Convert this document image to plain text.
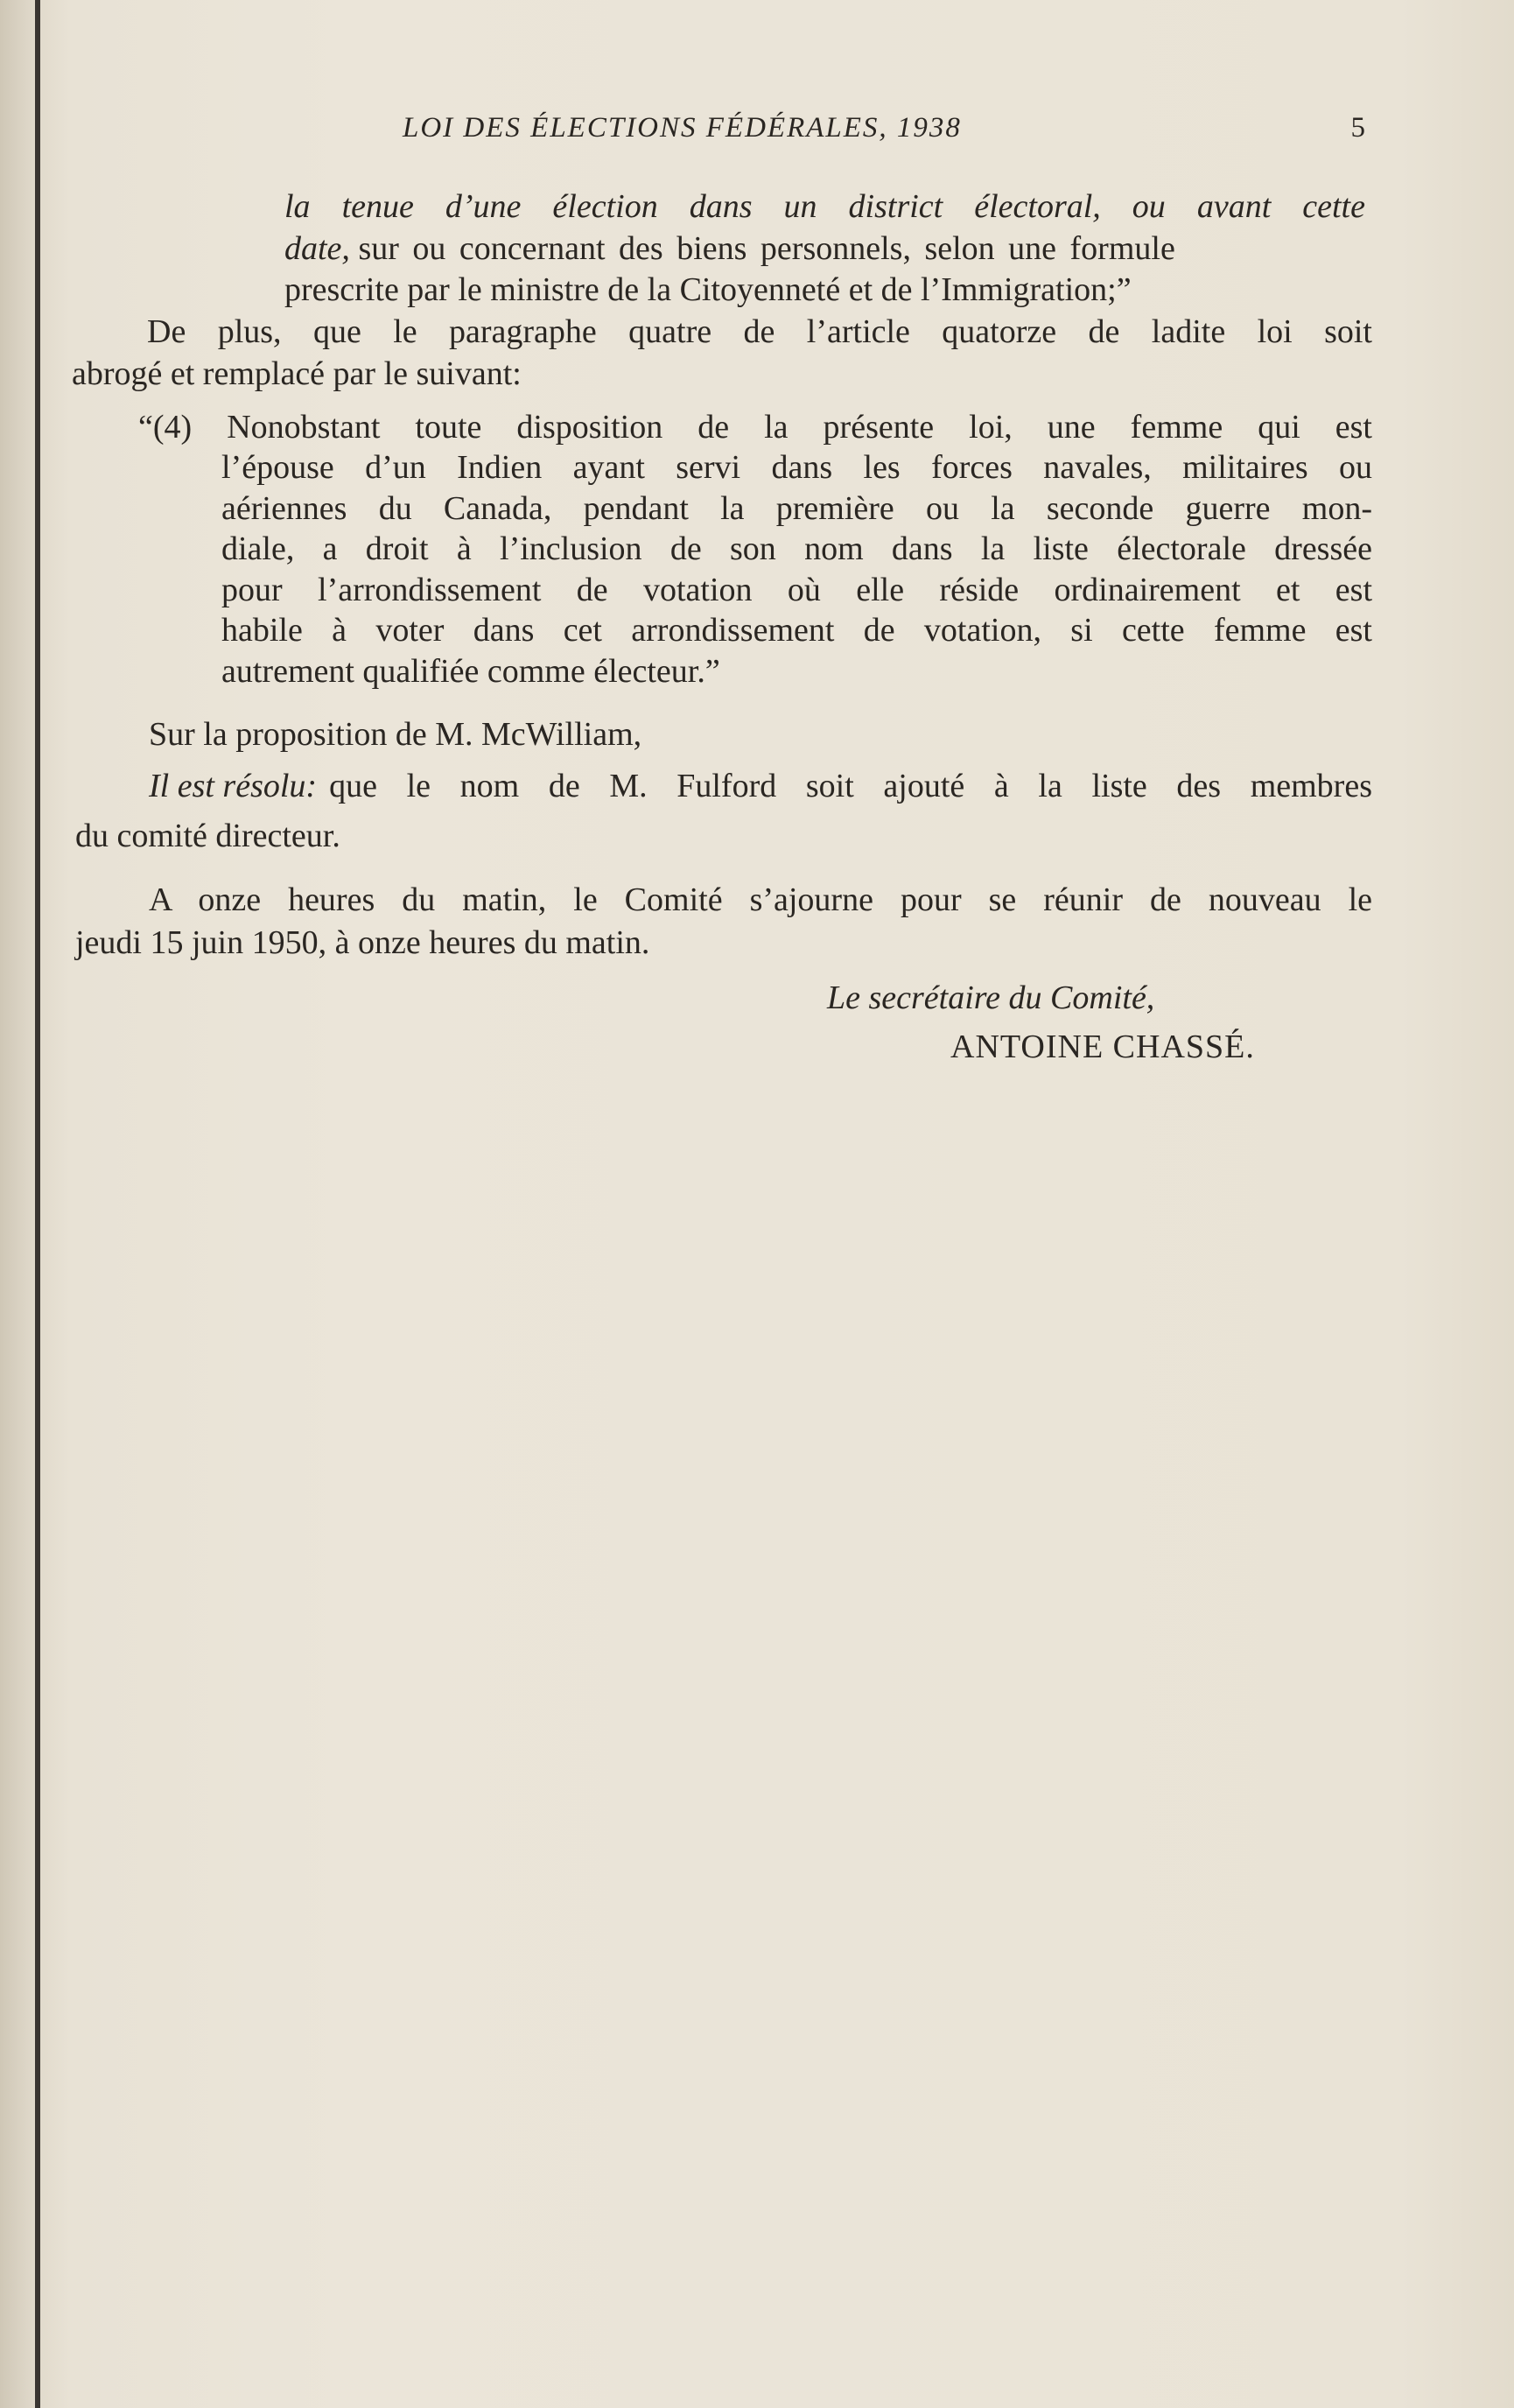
LOI DES ÉLECTIONS FÉDÉRALES, 1938	5
la tenue d’une élection dans un district électoral, ou avant cette
date, sur ou concernant des biens personnels, selon une formule
prescrite par le ministre de la Citoyenneté et de l’Immigration;”
De plus, que le paragraphe quatre de l’article quatorze de ladite loi soit
abrogé et remplacé par le suivant:
“(4) Nonobstant toute disposition de la présente loi, une femme qui est
l’épouse d’un Indien ayant servi dans les forces navales, militaires ou
aériennes du Canada, pendant la première ou la seconde guerre mon-
diale, a droit à l’inclusion de son nom dans la liste électorale dressée
pour l’arrondissement de votation où elle réside ordinairement et est
habile à voter dans cet arrondissement de votation, si cette femme est
autrement qualifiée comme électeur.”
Sur la proposition de M. McWilliam,
Il est résolu: que le nom de M. Fulford soit ajouté à la liste des membres
du comité directeur.
A onze heures du matin, le Comité s’ajourne pour se réunir de nouveau le
jeudi 15 juin 1950, à onze heures du matin.
Le secrétaire du Comité,
ANTOINE CHASSÉ.
